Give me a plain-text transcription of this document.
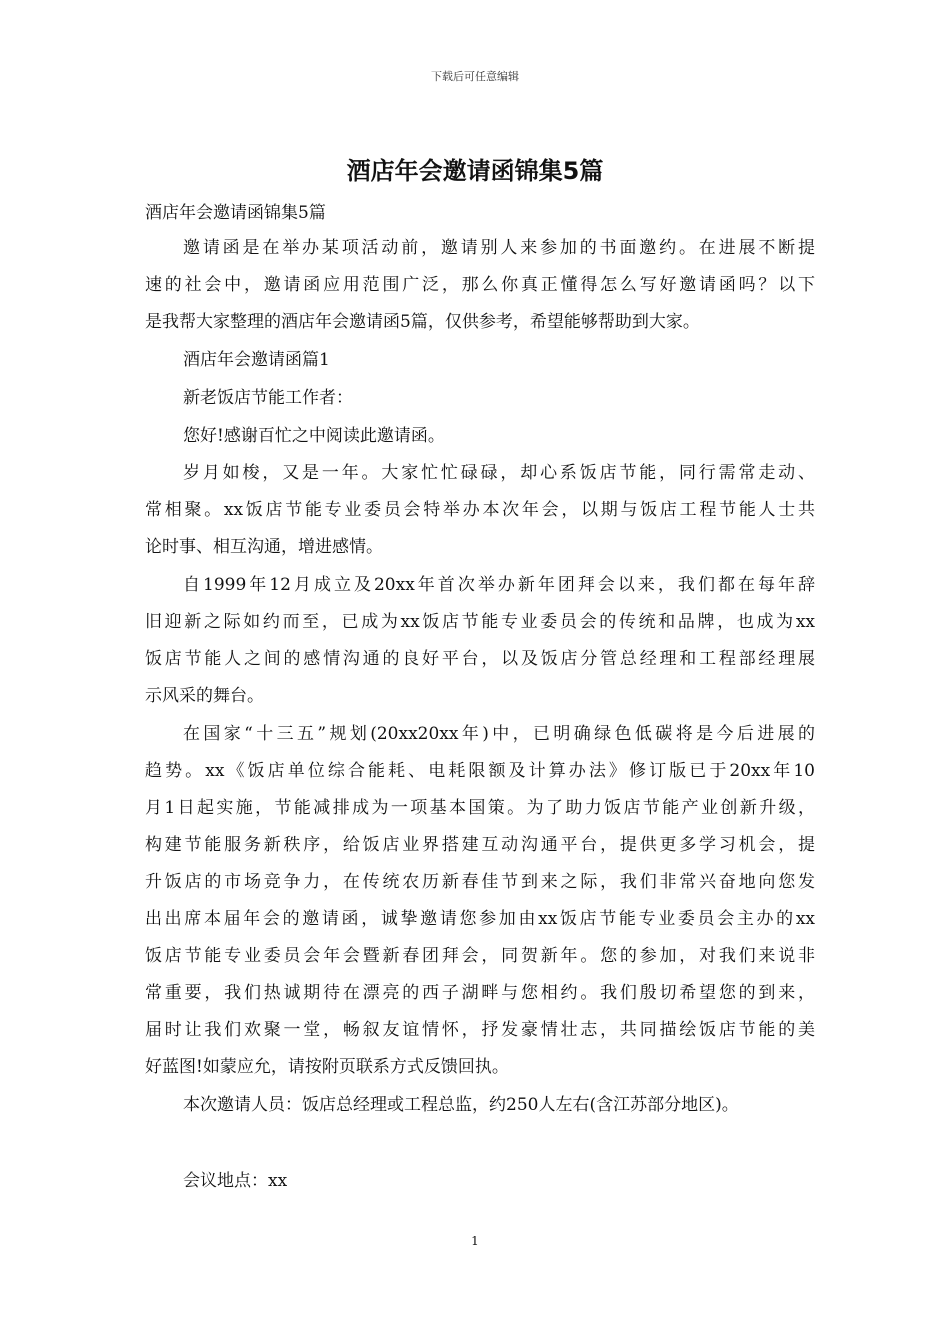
下载后可任意编辑
酒店年会邀请函锦集5篇
酒店年会邀请函锦集5篇
邀请函是在举办某项活动前，邀请别人来参加的书面邀约。在进展不断提
速的社会中，邀请函应用范围广泛，那么你真正懂得怎么写好邀请函吗？以下
是我帮大家整理的酒店年会邀请函5篇，仅供参考，希望能够帮助到大家。
酒店年会邀请函篇1
新老饭店节能工作者：
您好!感谢百忙之中阅读此邀请函。
岁月如梭，又是一年。大家忙忙碌碌，却心系饭店节能，同行需常走动、
常相聚。xx饭店节能专业委员会特举办本次年会，以期与饭店工程节能人士共
论时事、相互沟通，增进感情。
自1999年12月成立及20xx年首次举办新年团拜会以来，我们都在每年辞
旧迎新之际如约而至，已成为xx饭店节能专业委员会的传统和品牌，也成为xx
饭店节能人之间的感情沟通的良好平台，以及饭店分管总经理和工程部经理展
示风采的舞台。
在国家“十三五”规划(20xx20xx年)中，已明确绿色低碳将是今后进展的
趋势。xx《饭店单位综合能耗、电耗限额及计算办法》修订版已于20xx年10
月1日起实施，节能减排成为一项基本国策。为了助力饭店节能产业创新升级，
构建节能服务新秩序，给饭店业界搭建互动沟通平台，提供更多学习机会，提
升饭店的市场竞争力，在传统农历新春佳节到来之际，我们非常兴奋地向您发
出出席本届年会的邀请函，诚挚邀请您参加由xx饭店节能专业委员会主办的xx
饭店节能专业委员会年会暨新春团拜会，同贺新年。您的参加，对我们来说非
常重要，我们热诚期待在漂亮的西子湖畔与您相约。我们殷切希望您的到来，
届时让我们欢聚一堂，畅叙友谊情怀，抒发豪情壮志，共同描绘饭店节能的美
好蓝图!如蒙应允，请按附页联系方式反馈回执。
本次邀请人员：饭店总经理或工程总监，约250人左右(含江苏部分地区)。
会议地点：xx
1
